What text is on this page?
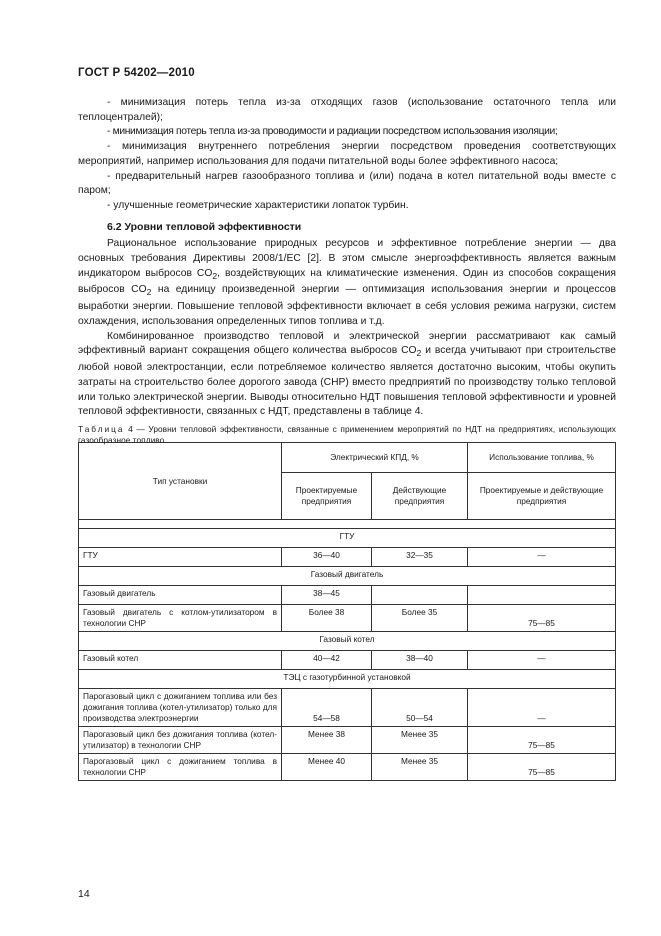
ГОСТ Р 54202—2010

- минимизация потерь тепла из-за отходящих газов (использование остаточного тепла или теплоцентралей);

- минимизация потерь тепла из-за проводимости и радиации посредством использования изоляции;

- минимизация внутреннего потребления энергии посредством проведения соответствующих мероприятий, например использования для подачи питательной воды более эффективного насоса;

- предварительный нагрев газообразного топлива и (или) подача в котел питательной воды вместе с паром;

- улучшенные геометрические характеристики лопаток турбин.

6.2 Уровни тепловой эффективности

Рациональное использование природных ресурсов и эффективное потребление энергии — два основных требования Директивы 2008/1/ЕС [2]. В этом смысле энергоэффективность является важным индикатором выбросов $CO_2$, воздействующих на климатические изменения. Один из способов сокращения выбросов $CO_2$ на единицу произведенной энергии — оптимизация использования энергии и процессов выработки энергии. Повышение тепловой эффективности включает в себя условия режима нагрузки, систем охлаждения, использования определенных типов топлива и т.д.

Комбинированное производство тепловой и электрической энергии рассматривают как самый эффективный вариант сокращения общего количества выбросов $CO_2$ и всегда учитывают при строительстве любой новой электростанции, если потребляемое количество является достаточно высоким, чтобы окупить затраты на строительство более дорогого завода (CHP) вместо предприятий по производству только тепловой или только электрической энергии. Выводы относительно НДТ повышения тепловой эффективности и уровней тепловой эффективности, связанных с НДТ, представлены в таблице 4.

Таблица 4 — Уровни тепловой эффективности, связанные с применением мероприятий по НДТ на предприятиях, использующих газообразное топливо

Тип установки	Электрический КПД, %		Использование топлива, %
	Проектируемые предприятия	Действующие предприятия	Проектируемые и действующие предприятия

ГТУ			
ГТУ	36—40	32—35	—
Газовый двигатель			
Газовый двигатель	38—45		
Газовый двигатель с котлом-утилизатором в технологии CHP	Более 38	Более 35	75—85
Газовый котел			
Газовый котел	40—42	38—40	—
ТЭЦ с газотурбинной установкой			
Парогазовый цикл с дожиганием топлива или без дожигания топлива (котел-утилизатор) только для производства электроэнергии	54—58	50—54	—
Парогазовый цикл без дожигания топлива (котел-утилизатор) в технологии CHP	Менее 38	Менее 35	75—85
Парогазовый цикл с дожиганием топлива в технологии CHP	Менее 40	Менее 35	75—85
14
